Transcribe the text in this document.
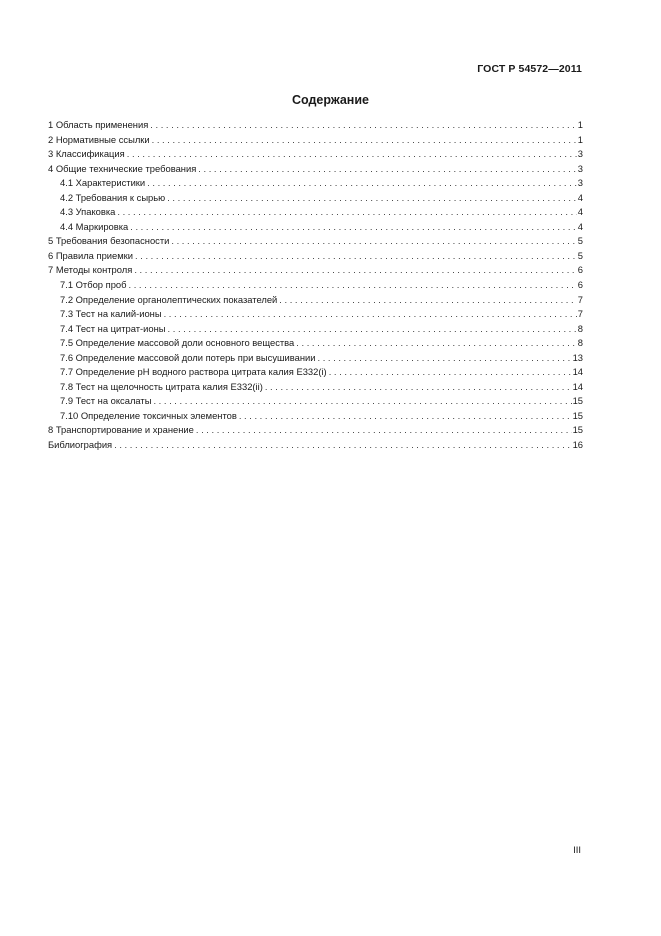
ГОСТ Р 54572—2011
Содержание
1 Область применения . . .	1
2 Нормативные ссылки . . .	1
3 Классификация . . .	3
4 Общие технические требования . . .	3
4.1 Характеристики . . .	3
4.2 Требования к сырью . . .	4
4.3 Упаковка . . .	4
4.4 Маркировка . . .	4
5 Требования безопасности . . .	5
6 Правила приемки . . .	5
7 Методы контроля . . .	6
7.1 Отбор проб . . .	6
7.2 Определение органолептических показателей . . .	7
7.3 Тест на калий-ионы . . .	7
7.4 Тест на цитрат-ионы . . .	8
7.5 Определение массовой доли основного вещества . . .	8
7.6 Определение массовой доли потерь при высушивании . . .	13
7.7 Определение pH водного раствора цитрата калия Е332(i) . . .	14
7.8 Тест на щелочность цитрата калия Е332(ii) . . .	14
7.9 Тест на оксалаты . . .	15
7.10 Определение токсичных элементов . . .	15
8 Транспортирование и хранение . . .	15
Библиография . . .	16
III
